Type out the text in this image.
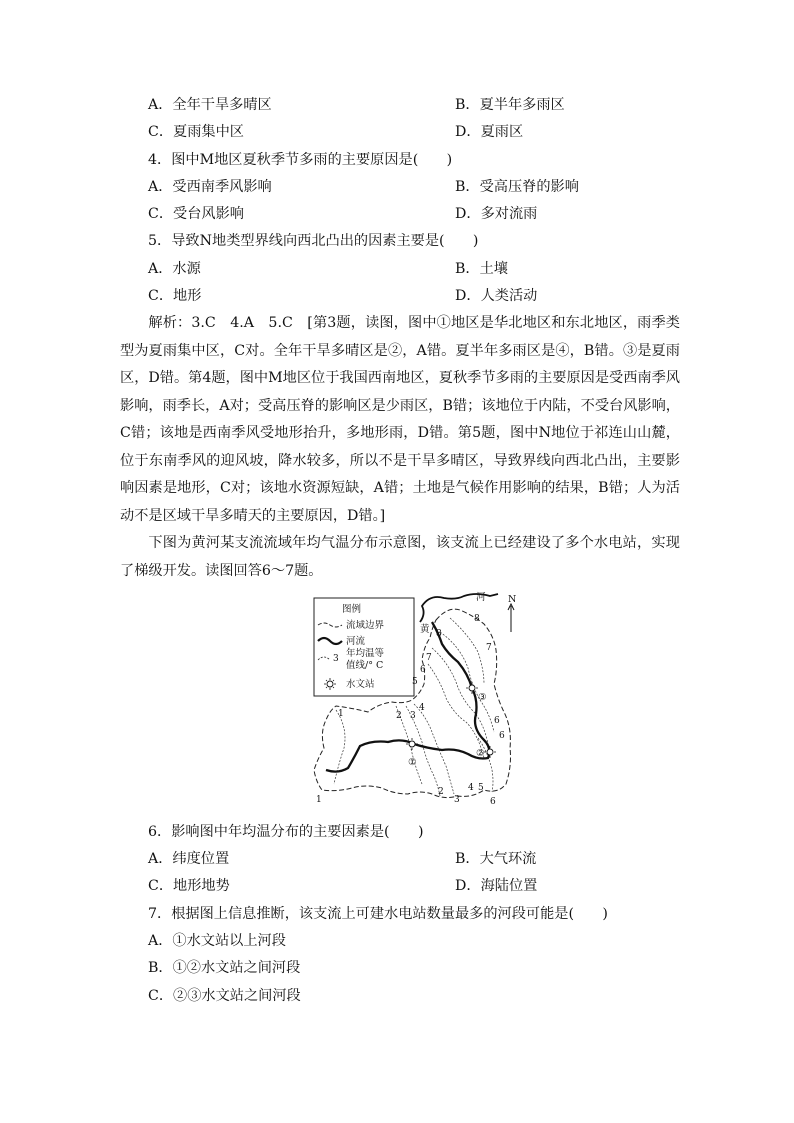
A．全年干旱多晴区	B．夏半年多雨区
C．夏雨集中区	D．夏雨区
4．图中M地区夏秋季节多雨的主要原因是(　　)
A．受西南季风影响	B．受高压脊的影响
C．受台风影响	D．多对流雨
5．导致N地类型界线向西北凸出的因素主要是(　　)
A．水源	B．土壤
C．地形	D．人类活动
解析：3.C　4.A　5.C　[第3题，读图，图中①地区是华北地区和东北地区，雨季类型为夏雨集中区，C对。全年干旱多晴区是②，A错。夏半年多雨区是④，B错。③是夏雨区，D错。第4题，图中M地区位于我国西南地区，夏秋季节多雨的主要原因是受西南季风影响，雨季长，A对；受高压脊的影响区是少雨区，B错；该地位于内陆，不受台风影响，C错；该地是西南季风受地形抬升，多地形雨，D错。第5题，图中N地位于祁连山山麓，位于东南季风的迎风坡，降水较多，所以不是干旱多晴区，导致界线向西北凸出，主要影响因素是地形，C对；该地水资源短缺，A错；土地是气候作用影响的结果，B错；人为活动不是区域干旱多晴天的主要原因，D错。]
下图为黄河某支流流域年均气温分布示意图，该支流上已经建设了多个水电站，实现了梯级开发。读图回答6～7题。
图例
流域边界
河流
3 年均温等
值线/° C
水文站
N
河
黄
①
②
③
8
8
7
7
6
5
6
6
6
5
4
3
2
1
1
2
3
4
6．影响图中年均温分布的主要因素是(　　)
A．纬度位置	B．大气环流
C．地形地势	D．海陆位置
7．根据图上信息推断，该支流上可建水电站数量最多的河段可能是(　　)
A．①水文站以上河段
B．①②水文站之间河段
C．②③水文站之间河段
